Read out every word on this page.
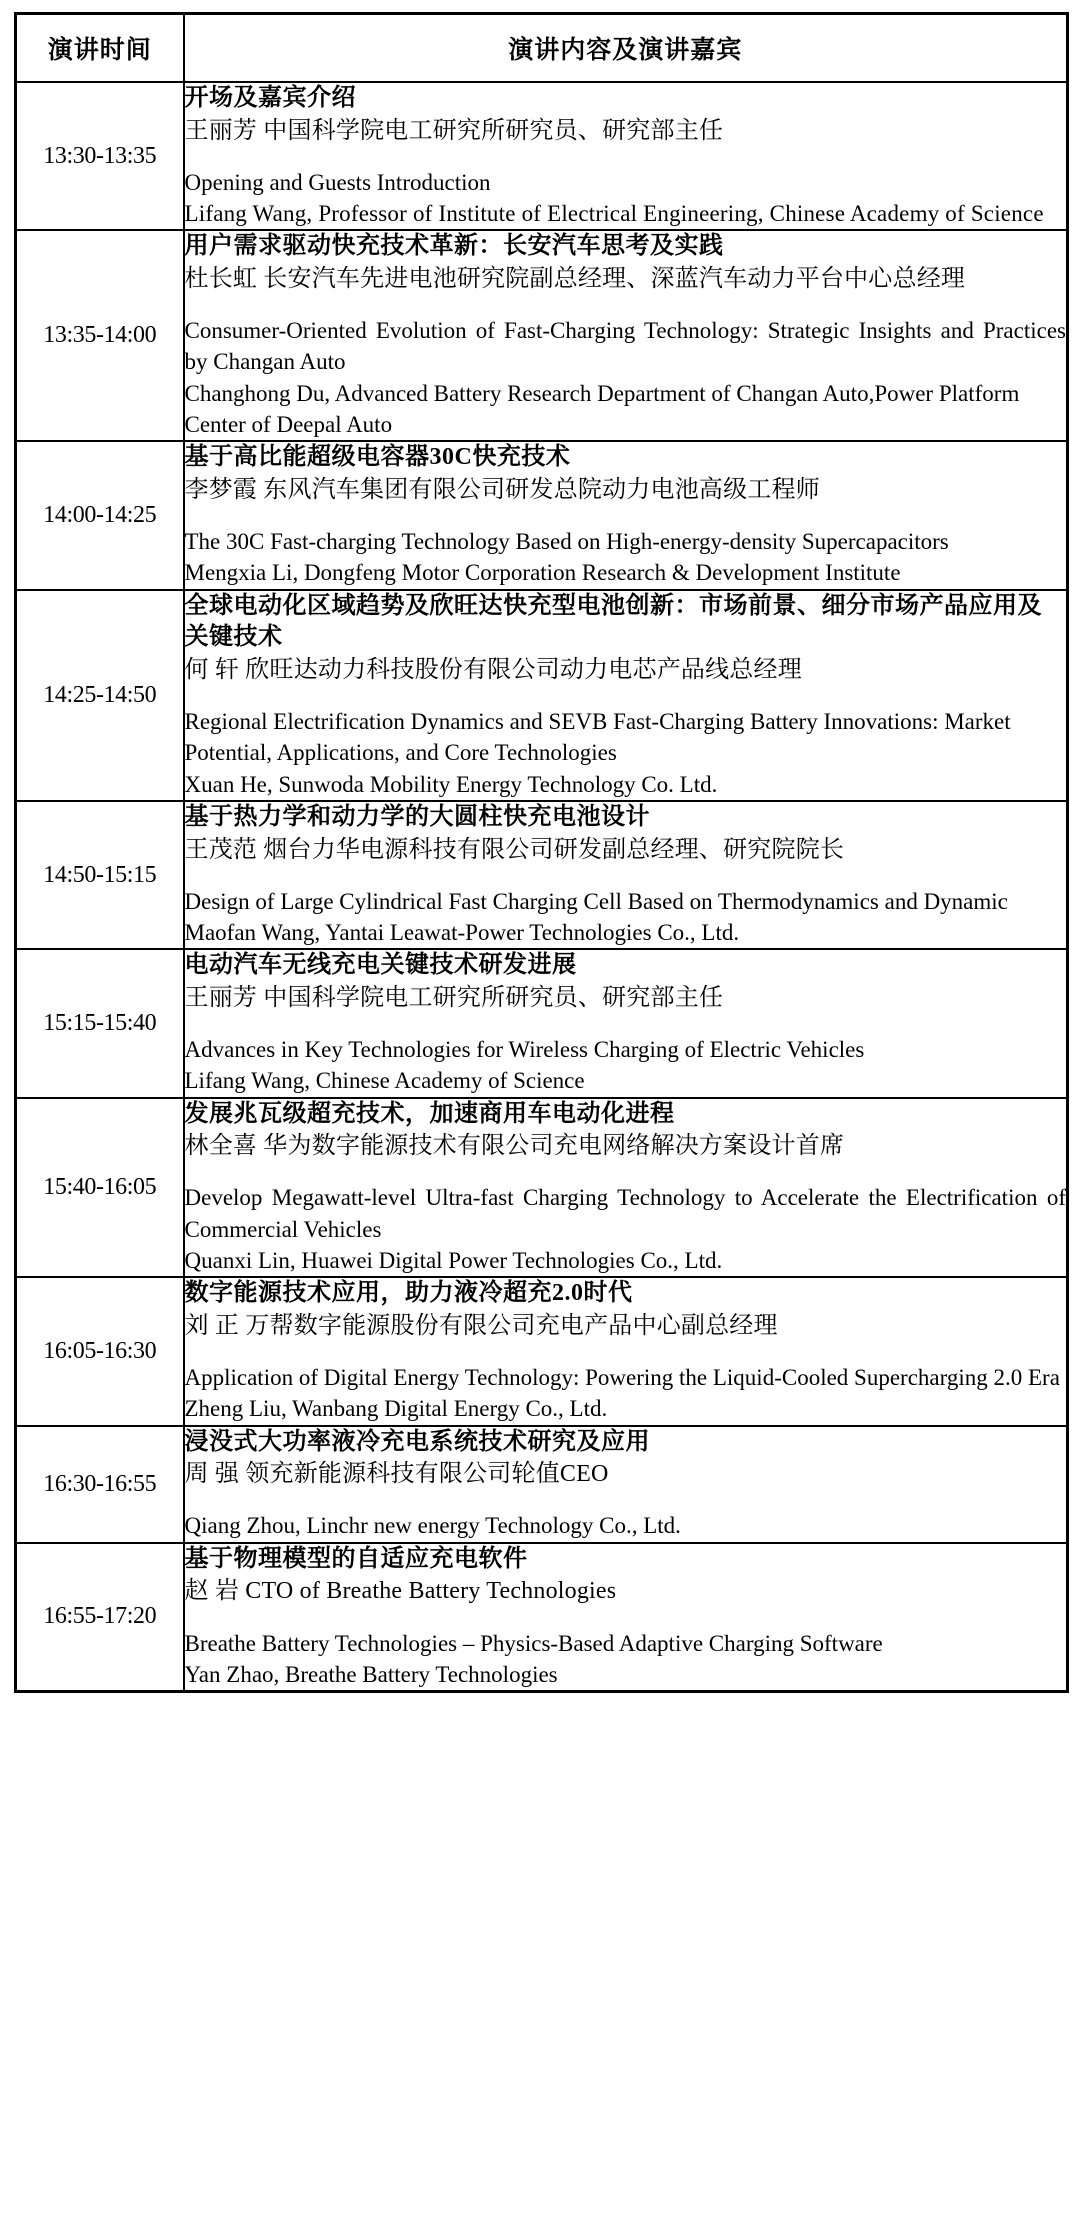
演讲时间	演讲内容及演讲嘉宾
13:30-13:35	开场及嘉宾介绍
王丽芳 中国科学院电工研究所研究员、研究部主任
Opening and Guests Introduction
Lifang Wang, Professor of Institute of Electrical Engineering, Chinese Academy of Science

13:35-14:00	用户需求驱动快充技术革新：长安汽车思考及实践
杜长虹 长安汽车先进电池研究院副总经理、深蓝汽车动力平台中心总经理
Consumer-Oriented Evolution of Fast-Charging Technology: Strategic Insights and Practices by Changan Auto
Changhong Du, Advanced Battery Research Department of Changan Auto,Power Platform Center of Deepal Auto

14:00-14:25	基于高比能超级电容器30C快充技术
李梦霞 东风汽车集团有限公司研发总院动力电池高级工程师
The 30C Fast-charging Technology Based on High-energy-density Supercapacitors
Mengxia Li, Dongfeng Motor Corporation Research & Development Institute

14:25-14:50	全球电动化区域趋势及欣旺达快充型电池创新：市场前景、细分市场产品应用及关键技术
何 轩 欣旺达动力科技股份有限公司动力电芯产品线总经理
Regional Electrification Dynamics and SEVB Fast-Charging Battery Innovations: Market Potential, Applications, and Core Technologies
Xuan He, Sunwoda Mobility Energy Technology Co. Ltd.

14:50-15:15	基于热力学和动力学的大圆柱快充电池设计
王茂范 烟台力华电源科技有限公司研发副总经理、研究院院长
Design of Large Cylindrical Fast Charging Cell Based on Thermodynamics and Dynamic
Maofan Wang, Yantai Leawat-Power Technologies Co., Ltd.

15:15-15:40	电动汽车无线充电关键技术研发进展
王丽芳 中国科学院电工研究所研究员、研究部主任
Advances in Key Technologies for Wireless Charging of Electric Vehicles
Lifang Wang, Chinese Academy of Science

15:40-16:05	发展兆瓦级超充技术，加速商用车电动化进程
林全喜 华为数字能源技术有限公司充电网络解决方案设计首席
Develop Megawatt-level Ultra-fast Charging Technology to Accelerate the Electrification of Commercial Vehicles
Quanxi Lin, Huawei Digital Power Technologies Co., Ltd.

16:05-16:30	数字能源技术应用，助力液冷超充2.0时代
刘 正 万帮数字能源股份有限公司充电产品中心副总经理
Application of Digital Energy Technology: Powering the Liquid-Cooled Supercharging 2.0 Era
Zheng Liu, Wanbang Digital Energy Co., Ltd.

16:30-16:55	浸没式大功率液冷充电系统技术研究及应用
周 强 领充新能源科技有限公司轮值CEO
Qiang Zhou, Linchr new energy Technology Co., Ltd.

16:55-17:20	基于物理模型的自适应充电软件
赵 岩 CTO of Breathe Battery Technologies
Breathe Battery Technologies – Physics-Based Adaptive Charging Software
Yan Zhao, Breathe Battery Technologies
